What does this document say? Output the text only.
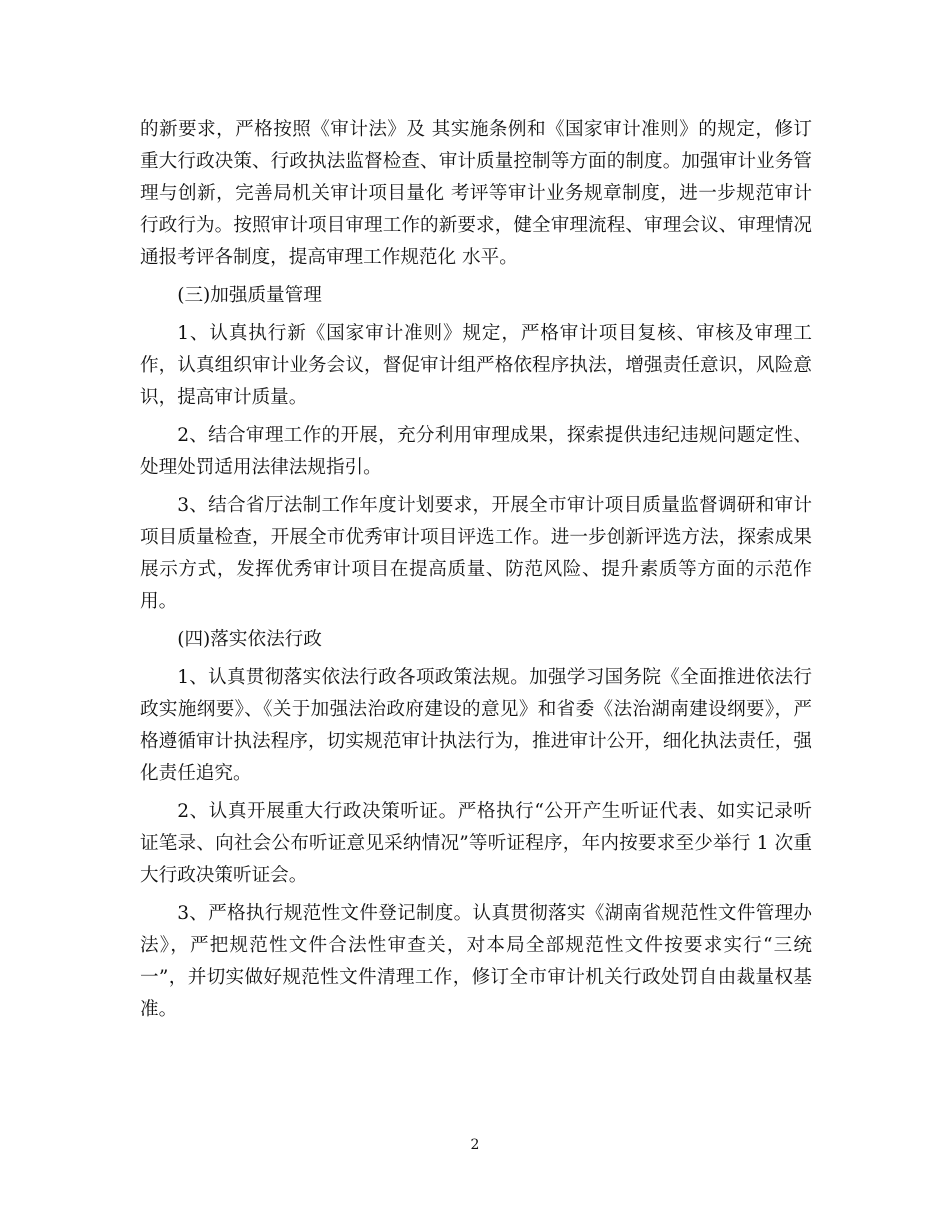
的新要求，严格按照《审计法》及 其实施条例和《国家审计准则》的规定，修订重大行政决策、行政执法监督检查、审计质量控制等方面的制度。加强审计业务管理与创新，完善局机关审计项目量化 考评等审计业务规章制度，进一步规范审计行政行为。按照审计项目审理工作的新要求，健全审理流程、审理会议、审理情况通报考评各制度，提高审理工作规范化 水平。

(三)加强质量管理

1、认真执行新《国家审计准则》规定，严格审计项目复核、审核及审理工作，认真组织审计业务会议，督促审计组严格依程序执法，增强责任意识，风险意识，提高审计质量。

2、结合审理工作的开展，充分利用审理成果，探索提供违纪违规问题定性、处理处罚适用法律法规指引。

3、结合省厅法制工作年度计划要求，开展全市审计项目质量监督调研和审计项目质量检查，开展全市优秀审计项目评选工作。进一步创新评选方法，探索成果展示方式，发挥优秀审计项目在提高质量、防范风险、提升素质等方面的示范作用。

(四)落实依法行政

1、认真贯彻落实依法行政各项政策法规。加强学习国务院《全面推进依法行政实施纲要》、《关于加强法治政府建设的意见》和省委《法治湖南建设纲要》，严格遵循审计执法程序，切实规范审计执法行为，推进审计公开，细化执法责任，强化责任追究。

2、认真开展重大行政决策听证。严格执行“公开产生听证代表、如实记录听证笔录、向社会公布听证意见采纳情况”等听证程序，年内按要求至少举行 1 次重大行政决策听证会。

3、严格执行规范性文件登记制度。认真贯彻落实《湖南省规范性文件管理办法》，严把规范性文件合法性审查关，对本局全部规范性文件按要求实行“三统一”，并切实做好规范性文件清理工作，修订全市审计机关行政处罚自由裁量权基准。

2
